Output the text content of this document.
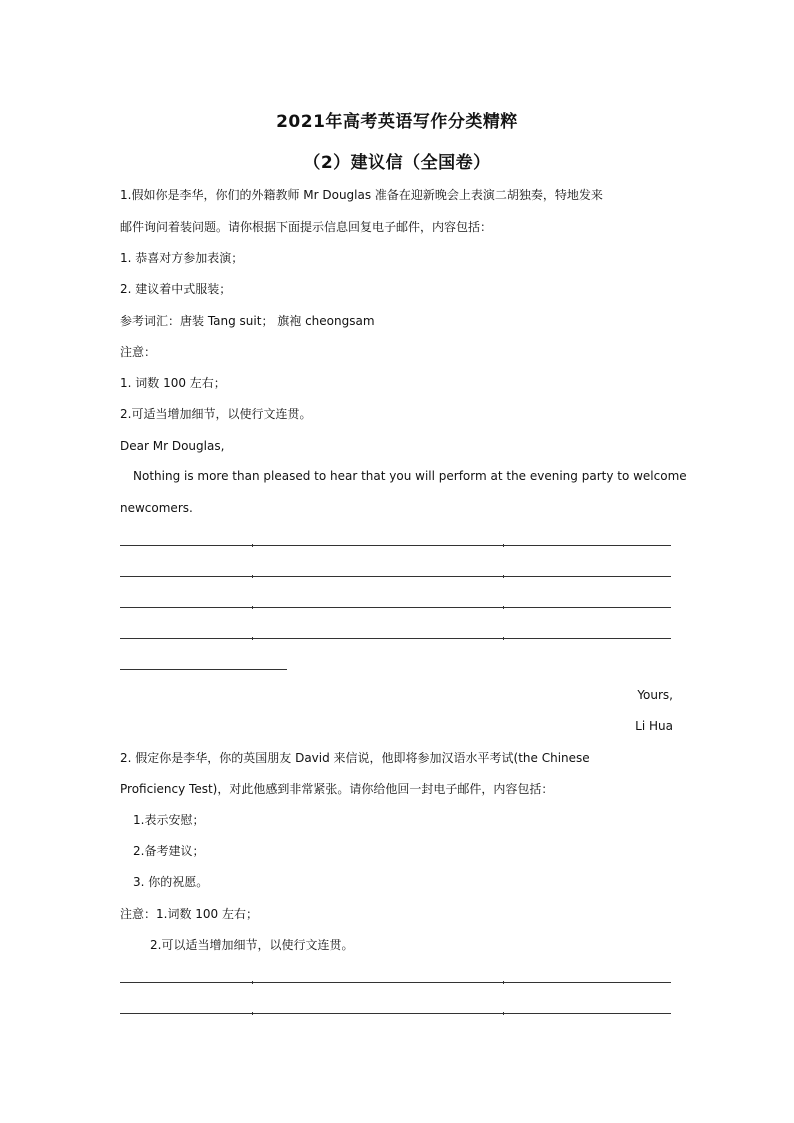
2021年高考英语写作分类精粹
（2）建议信（全国卷）
1.假如你是李华，你们的外籍教师 Mr Douglas 准备在迎新晚会上表演二胡独奏，特地发来
邮件询问着装问题。请你根据下面提示信息回复电子邮件，内容包括：
1. 恭喜对方参加表演；
2. 建议着中式服装；
参考词汇：唐装 Tang suit； 旗袍 cheongsam
注意：
1. 词数 100 左右；
2.可适当增加细节，以使行文连贯。
Dear Mr Douglas,
Nothing is more than pleased to hear that you will perform at the evening party to welcome
newcomers.
Yours,
Li Hua
2. 假定你是李华，你的英国朋友 David 来信说，他即将参加汉语水平考试(the Chinese
Proficiency Test)，对此他感到非常紧张。请你给他回一封电子邮件，内容包括：
1.表示安慰；
2.备考建议；
3. 你的祝愿。
注意：1.词数 100 左右；
2.可以适当增加细节，以使行文连贯。
